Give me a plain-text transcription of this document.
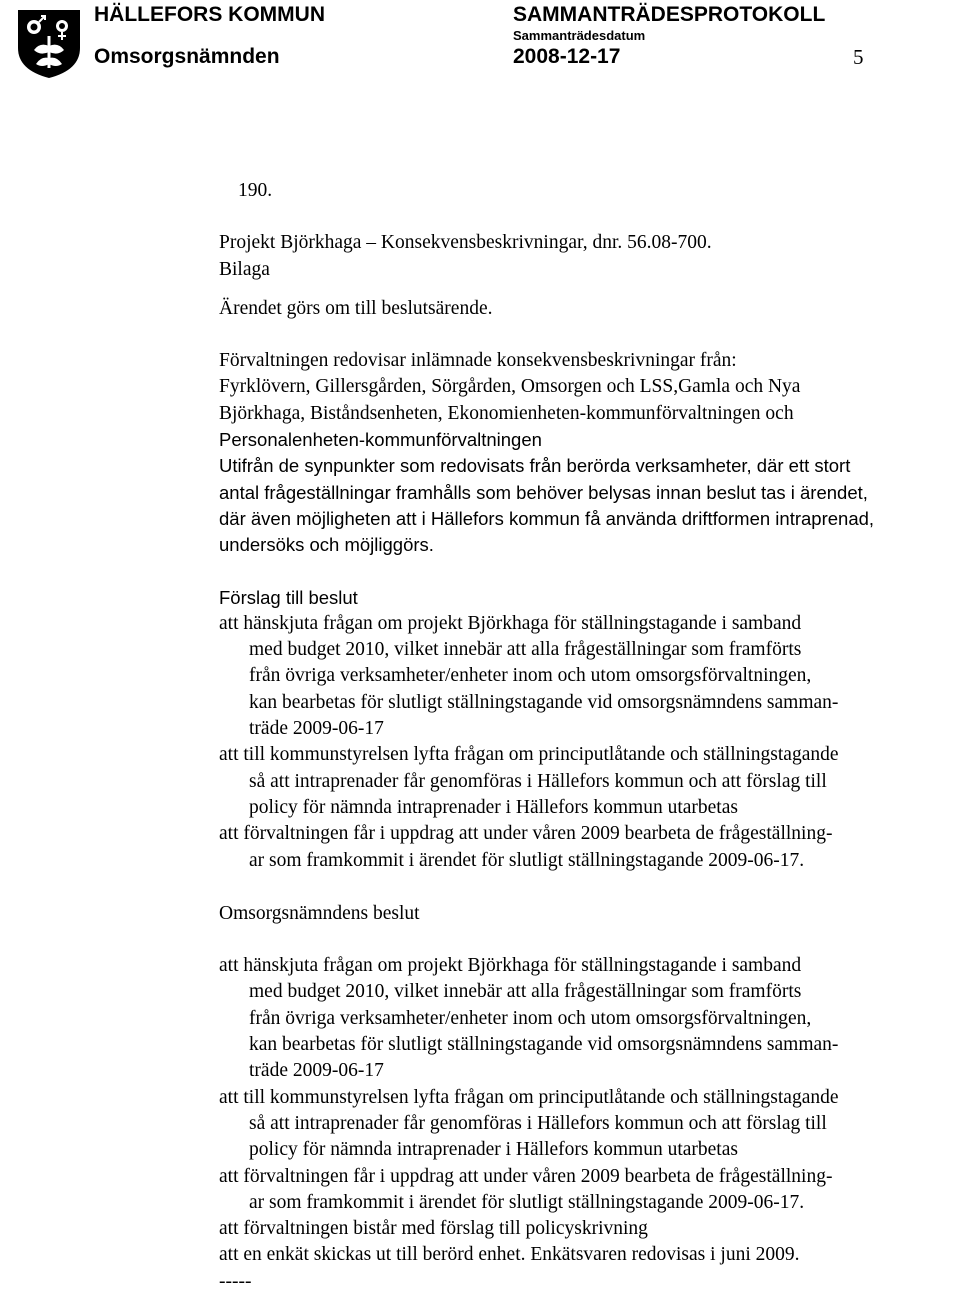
HÄLLEFORS KOMMUN
Omsorgsnämnden
SAMMANTRÄDESPROTOKOLL
Sammanträdesdatum
2008-12-17	5
190.
Projekt Björkhaga – Konsekvensbeskrivningar, dnr. 56.08-700.
Bilaga
Ärendet görs om till beslutsärende.
Förvaltningen redovisar inlämnade konsekvensbeskrivningar från:
Fyrklövern, Gillersgården, Sörgården, Omsorgen och LSS,Gamla och Nya
Björkhaga, Biståndsenheten, Ekonomienheten-kommunförvaltningen och
Personalenheten-kommunförvaltningen
Utifrån de synpunkter som redovisats från berörda verksamheter, där ett stort
antal frågeställningar framhålls som behöver belysas innan beslut tas i ärendet,
där även möjligheten att i Hällefors kommun få använda driftformen intraprenad,
undersöks och möjliggörs.
Förslag till beslut
att hänskjuta frågan om projekt Björkhaga för ställningstagande i samband
med budget 2010, vilket innebär att alla frågeställningar som framförts
från övriga verksamheter/enheter inom och utom omsorgsförvaltningen,
kan bearbetas för slutligt ställningstagande vid omsorgsnämndens samman-
träde 2009-06-17
att till kommunstyrelsen lyfta frågan om principutlåtande och ställningstagande
så att intraprenader får genomföras i Hällefors kommun och att förslag till
policy för nämnda intraprenader i Hällefors kommun utarbetas
att förvaltningen får i uppdrag att under våren 2009 bearbeta de frågeställning-
ar som framkommit i ärendet för slutligt ställningstagande 2009-06-17.
Omsorgsnämndens beslut
att hänskjuta frågan om projekt Björkhaga för ställningstagande i samband
med budget 2010, vilket innebär att alla frågeställningar som framförts
från övriga verksamheter/enheter inom och utom omsorgsförvaltningen,
kan bearbetas för slutligt ställningstagande vid omsorgsnämndens samman-
träde 2009-06-17
att till kommunstyrelsen lyfta frågan om principutlåtande och ställningstagande
så att intraprenader får genomföras i Hällefors kommun och att förslag till
policy för nämnda intraprenader i Hällefors kommun utarbetas
att förvaltningen får i uppdrag att under våren 2009 bearbeta de frågeställning-
ar som framkommit i ärendet för slutligt ställningstagande 2009-06-17.
att förvaltningen bistår med förslag till policyskrivning
att en enkät skickas ut till berörd enhet. Enkätsvaren redovisas i juni 2009.
-----
